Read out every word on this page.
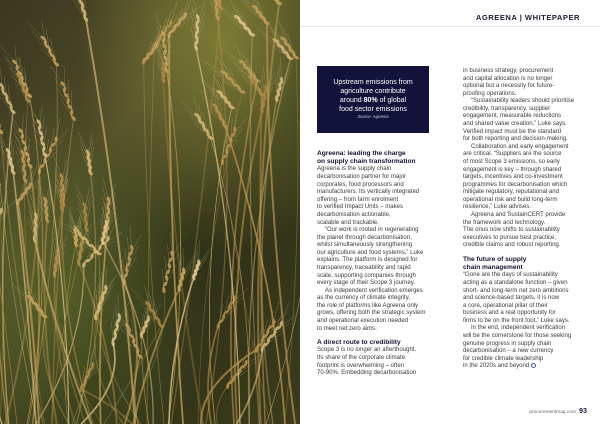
AGREENA | WHITEPAPER
Upstream emissions from
agriculture contribute
around 80% of global
food sector emissions
Source: Agreena
Agreena: leading the charge
on supply chain transformation

Agreena is the supply chain
decarbonisation partner for major
corporates, food processors and
manufacturers. Its vertically integrated
offering – from farm enrolment
to verified Impact Units – makes
decarbonisation actionable,
scalable and trackable.

“Our work is rooted in regenerating
the planet through decarbonisation,
whilst simultaneously strengthening
our agriculture and food systems,” Luke
explains. The platform is designed for
transparency, traceability and rapid
scale, supporting companies through
every stage of their Scope 3 journey.

As independent verification emerges
as the currency of climate integrity,
the role of platforms like Agreena only
grows, offering both the strategic system
and operational execution needed
to meet net zero aims.

A direct route to credibility

Scope 3 is no longer an afterthought.
Its share of the corporate climate
footprint is overwhelming – often
70-90%. Embedding decarbonisation

in business strategy, procurement
and capital allocation is no longer
optional but a necessity for future-
proofing operations.

“Sustainability leaders should prioritise
credibility, transparency, supplier
engagement, measurable reductions
and shared value creation,” Luke says.
Verified impact must be the standard
for both reporting and decision-making.

Collaboration and early engagement
are critical. “Suppliers are the source
of most Scope 3 emissions, so early
engagement is key – through shared
targets, incentives and co-investment
programmes for decarbonisation which
mitigate regulatory, reputational and
operational risk and build long-term
resilience,” Luke advises.

Agreena and SustainCERT provide
the framework and technology.
The onus now shifts to sustainability
executives to pursue best practice,
credible claims and robust reporting.

The future of supply
chain management

“Gone are the days of sustainability
acting as a standalone function – given
short- and long-term net zero ambitions
and science-based targets, it is now
a core, operational pillar of their
business and a real opportunity for
firms to be on the front foot,” Luke says.

In the end, independent verification
will be the cornerstone for those seeking
genuine progress in supply chain
decarbonisation – a new currency
for credible climate leadership
in the 2020s and beyond

procurementmag.com 93
